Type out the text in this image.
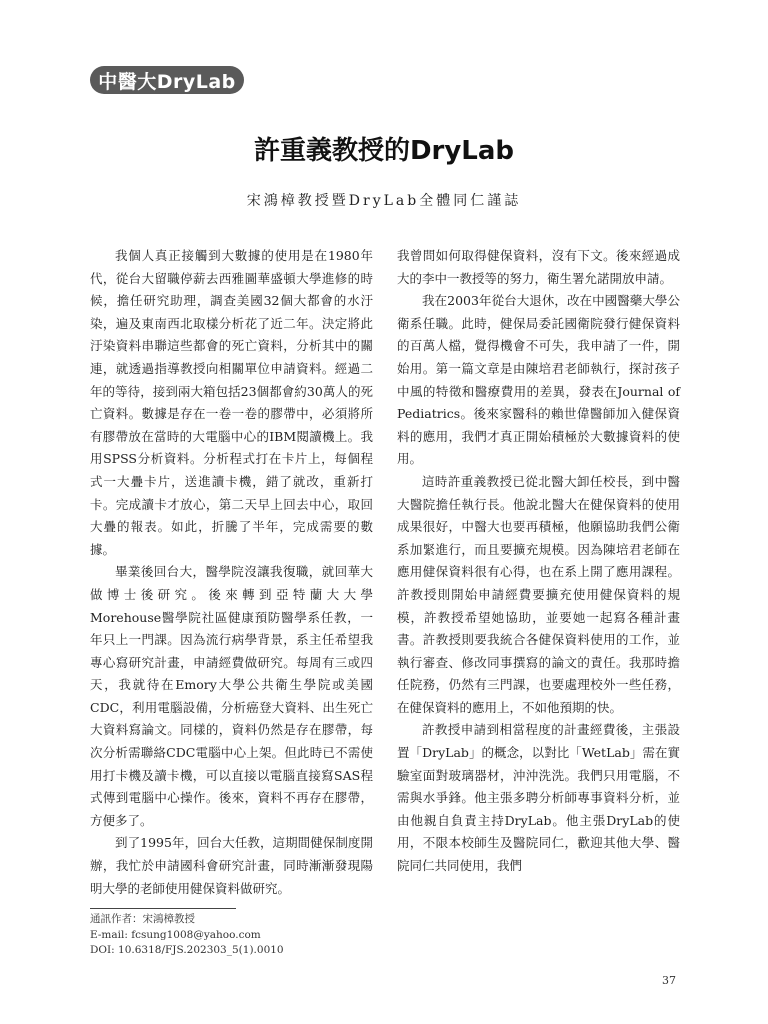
中醫大DryLab
許重義教授的DryLab
宋鴻樟教授暨DryLab全體同仁謹誌

我個人真正接觸到大數據的使用是在1980年代，從台大留職停薪去西雅圖華盛頓大學進修的時候，擔任研究助理，調查美國32個大都會的水汙染，遍及東南西北取樣分析花了近二年。決定將此汙染資料串聯這些都會的死亡資料，分析其中的關連，就透過指導教授向相關單位申請資料。經過二年的等待，接到兩大箱包括23個都會約30萬人的死亡資料。數據是存在一卷一卷的膠帶中，必須將所有膠帶放在當時的大電腦中心的IBM閱讀機上。我用SPSS分析資料。分析程式打在卡片上，每個程式一大疊卡片，送進讀卡機，錯了就改，重新打卡。完成讀卡才放心，第二天早上回去中心，取回大疊的報表。如此，折騰了半年，完成需要的數據。

畢業後回台大，醫學院沒讓我復職，就回華大做博士後研究。後來轉到亞特蘭大大學Morehouse醫學院社區健康預防醫學系任教，一年只上一門課。因為流行病學背景，系主任希望我專心寫研究計畫，申請經費做研究。每周有三或四天，我就待在Emory大學公共衛生學院或美國CDC，利用電腦設備，分析癌登大資料、出生死亡大資料寫論文。同樣的，資料仍然是存在膠帶，每次分析需聯絡CDC電腦中心上架。但此時已不需使用打卡機及讀卡機，可以直接以電腦直接寫SAS程式傳到電腦中心操作。後來，資料不再存在膠帶，方便多了。

到了1995年，回台大任教，這期間健保制度開辦，我忙於申請國科會研究計畫，同時漸漸發現陽明大學的老師使用健保資料做研究。

我曾問如何取得健保資料，沒有下文。後來經過成大的李中一教授等的努力，衛生署允諾開放申請。

我在2003年從台大退休，改在中國醫藥大學公衛系任職。此時，健保局委託國衛院發行健保資料的百萬人檔，覺得機會不可失，我申請了一件，開始用。第一篇文章是由陳培君老師執行，探討孩子中風的特徵和醫療費用的差異，發表在Journal of Pediatrics。後來家醫科的賴世偉醫師加入健保資料的應用，我們才真正開始積極於大數據資料的使用。

這時許重義教授已從北醫大卸任校長，到中醫大醫院擔任執行長。他說北醫大在健保資料的使用成果很好，中醫大也要再積極，他願協助我們公衛系加緊進行，而且要擴充規模。因為陳培君老師在應用健保資料很有心得，也在系上開了應用課程。許教授則開始申請經費要擴充使用健保資料的規模，許教授希望她協助，並要她一起寫各種計畫書。許教授則要我統合各健保資料使用的工作，並執行審查、修改同事撰寫的論文的責任。我那時擔任院務，仍然有三門課，也要處理校外一些任務，在健保資料的應用上，不如他預期的快。

許教授申請到相當程度的計畫經費後，主張設置「DryLab」的概念，以對比「WetLab」需在實驗室面對玻璃器材，沖沖洗洗。我們只用電腦，不需與水爭鋒。他主張多聘分析師專事資料分析，並由他親自負責主持DryLab。他主張DryLab的使用，不限本校師生及醫院同仁，歡迎其他大學、醫院同仁共同使用，我們

通訊作者：宋鴻樟教授
E-mail: fcsung1008@yahoo.com
DOI: 10.6318/FJS.202303_5(1).0010
37
